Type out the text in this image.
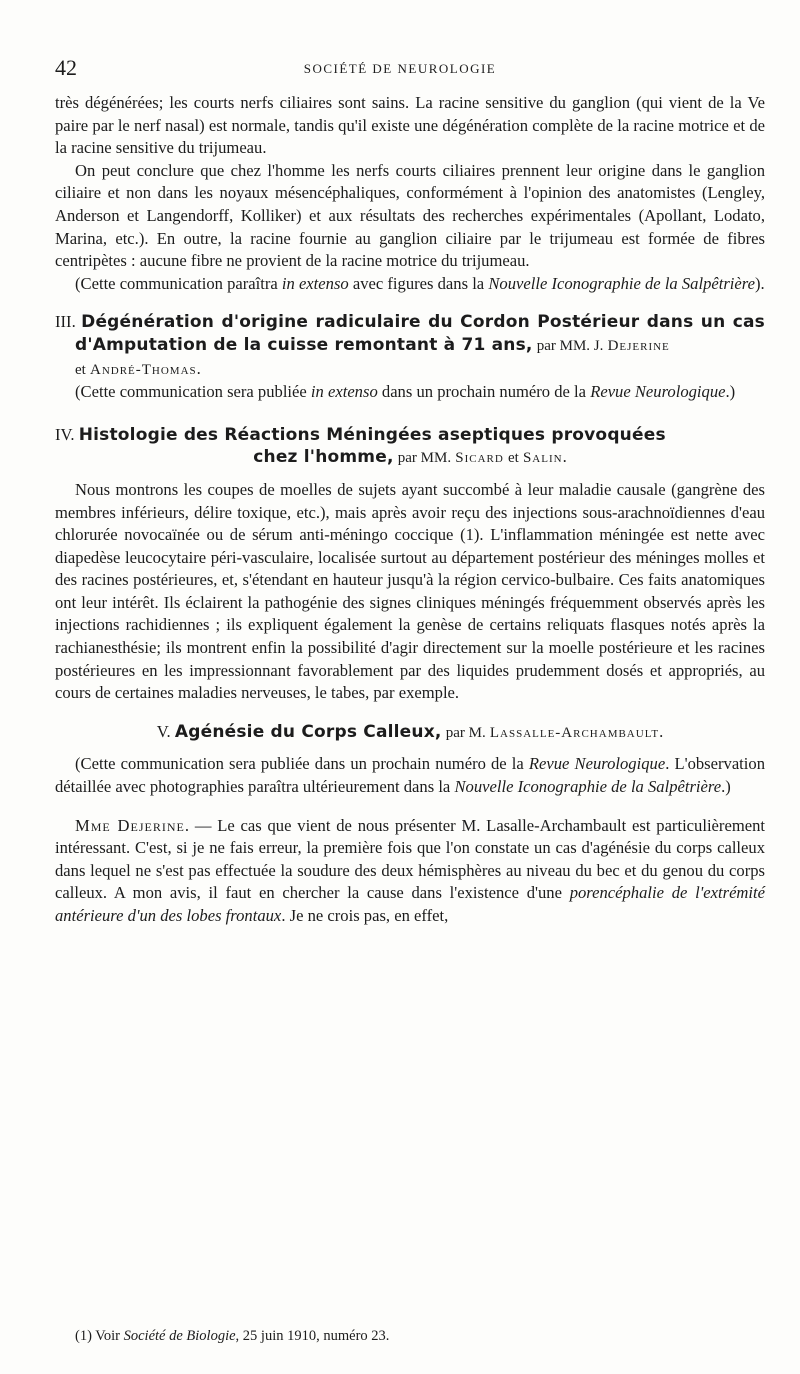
42	SOCIÉTÉ DE NEUROLOGIE

très dégénérées; les courts nerfs ciliaires sont sains. La racine sensitive du ganglion (qui vient de la Ve paire par le nerf nasal) est normale, tandis qu'il existe une dégénération complète de la racine motrice et de la racine sensitive du trijumeau.

On peut conclure que chez l'homme les nerfs courts ciliaires prennent leur origine dans le ganglion ciliaire et non dans les noyaux mésencéphaliques, conformément à l'opinion des anatomistes (Lengley, Anderson et Langendorff, Kolliker) et aux résultats des recherches expérimentales (Apollant, Lodato, Marina, etc.). En outre, la racine fournie au ganglion ciliaire par le trijumeau est formée de fibres centripètes : aucune fibre ne provient de la racine motrice du trijumeau.

(Cette communication paraîtra in extenso avec figures dans la Nouvelle Iconographie de la Salpêtrière).

III. Dégénération d'origine radiculaire du Cordon Postérieur dans un cas d'Amputation de la cuisse remontant à 71 ans, par MM. J. Dejerine
et André-Thomas.

(Cette communication sera publiée in extenso dans un prochain numéro de la Revue Neurologique.)

IV. Histologie des Réactions Méningées aseptiques provoquées

chez l'homme, par MM. Sicard et Salin.

Nous montrons les coupes de moelles de sujets ayant succombé à leur maladie causale (gangrène des membres inférieurs, délire toxique, etc.), mais après avoir reçu des injections sous-arachnoïdiennes d'eau chlorurée novocaïnée ou de sérum anti-méningo coccique (1). L'inflammation méningée est nette avec diapedèse leucocytaire péri-vasculaire, localisée surtout au département postérieur des méninges molles et des racines postérieures, et, s'étendant en hauteur jusqu'à la région cervico-bulbaire. Ces faits anatomiques ont leur intérêt. Ils éclairent la pathogénie des signes cliniques méningés fréquemment observés après les injections rachidiennes ; ils expliquent également la genèse de certains reliquats flasques notés après la rachianesthésie; ils montrent enfin la possibilité d'agir directement sur la moelle postérieure et les racines postérieures en les impressionnant favorablement par des liquides prudemment dosés et appropriés, au cours de certaines maladies nerveuses, le tabes, par exemple.

V. Agénésie du Corps Calleux, par M. Lassalle-Archambault.

(Cette communication sera publiée dans un prochain numéro de la Revue Neurologique. L'observation détaillée avec photographies paraîtra ultérieurement dans la Nouvelle Iconographie de la Salpêtrière.)

Mme Dejerine. — Le cas que vient de nous présenter M. Lasalle-Archambault est particulièrement intéressant. C'est, si je ne fais erreur, la première fois que l'on constate un cas d'agénésie du corps calleux dans lequel ne s'est pas effectuée la soudure des deux hémisphères au niveau du bec et du genou du corps calleux. A mon avis, il faut en chercher la cause dans l'existence d'une porencéphalie de l'extrémité antérieure d'un des lobes frontaux. Je ne crois pas, en effet,

(1) Voir Société de Biologie, 25 juin 1910, numéro 23.
